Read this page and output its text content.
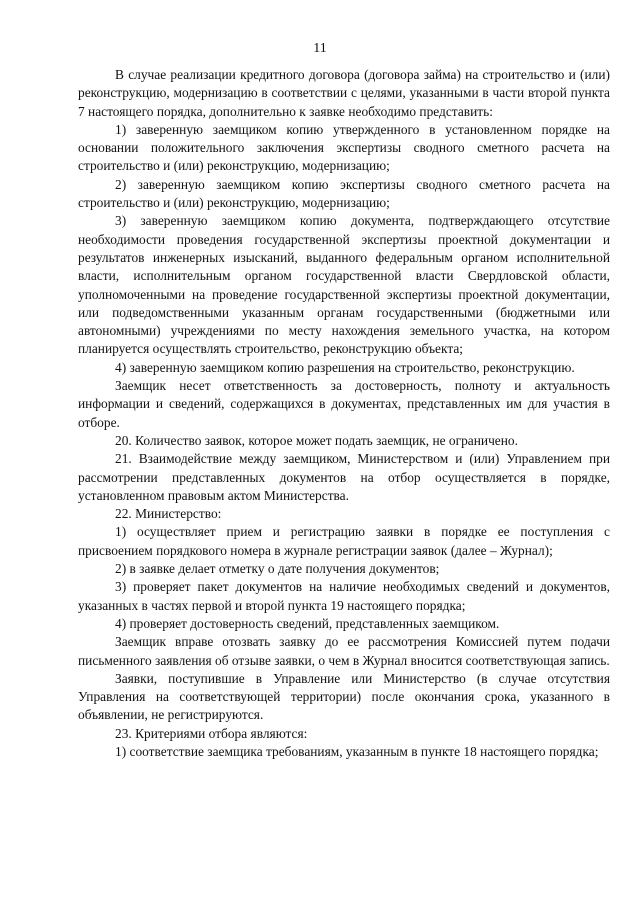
11

В случае реализации кредитного договора (договора займа) на строительство и (или) реконструкцию, модернизацию в соответствии с целями, указанными в части второй пункта 7 настоящего порядка, дополнительно к заявке необходимо представить:

1) заверенную заемщиком копию утвержденного в установленном порядке на основании положительного заключения экспертизы сводного сметного расчета на строительство и (или) реконструкцию, модернизацию;

2) заверенную заемщиком копию экспертизы сводного сметного расчета на строительство и (или) реконструкцию, модернизацию;

3) заверенную заемщиком копию документа, подтверждающего отсутствие необходимости проведения государственной экспертизы проектной документации и результатов инженерных изысканий, выданного федеральным органом исполнительной власти, исполнительным органом государственной власти Свердловской области, уполномоченными на проведение государственной экспертизы проектной документации, или подведомственными указанным органам государственными (бюджетными или автономными) учреждениями по месту нахождения земельного участка, на котором планируется осуществлять строительство, реконструкцию объекта;

4) заверенную заемщиком копию разрешения на строительство, реконструкцию.

Заемщик несет ответственность за достоверность, полноту и актуальность информации и сведений, содержащихся в документах, представленных им для участия в отборе.

20. Количество заявок, которое может подать заемщик, не ограничено.

21. Взаимодействие между заемщиком, Министерством и (или) Управлением при рассмотрении представленных документов на отбор осуществляется в порядке, установленном правовым актом Министерства.

22. Министерство:

1) осуществляет прием и регистрацию заявки в порядке ее поступления с присвоением порядкового номера в журнале регистрации заявок (далее – Журнал);

2) в заявке делает отметку о дате получения документов;

3) проверяет пакет документов на наличие необходимых сведений и документов, указанных в частях первой и второй пункта 19 настоящего порядка;

4) проверяет достоверность сведений, представленных заемщиком.

Заемщик вправе отозвать заявку до ее рассмотрения Комиссией путем подачи письменного заявления об отзыве заявки, о чем в Журнал вносится соответствующая запись.

Заявки, поступившие в Управление или Министерство (в случае отсутствия Управления на соответствующей территории) после окончания срока, указанного в объявлении, не регистрируются.

23. Критериями отбора являются:

1) соответствие заемщика требованиям, указанным в пункте 18 настоящего порядка;
